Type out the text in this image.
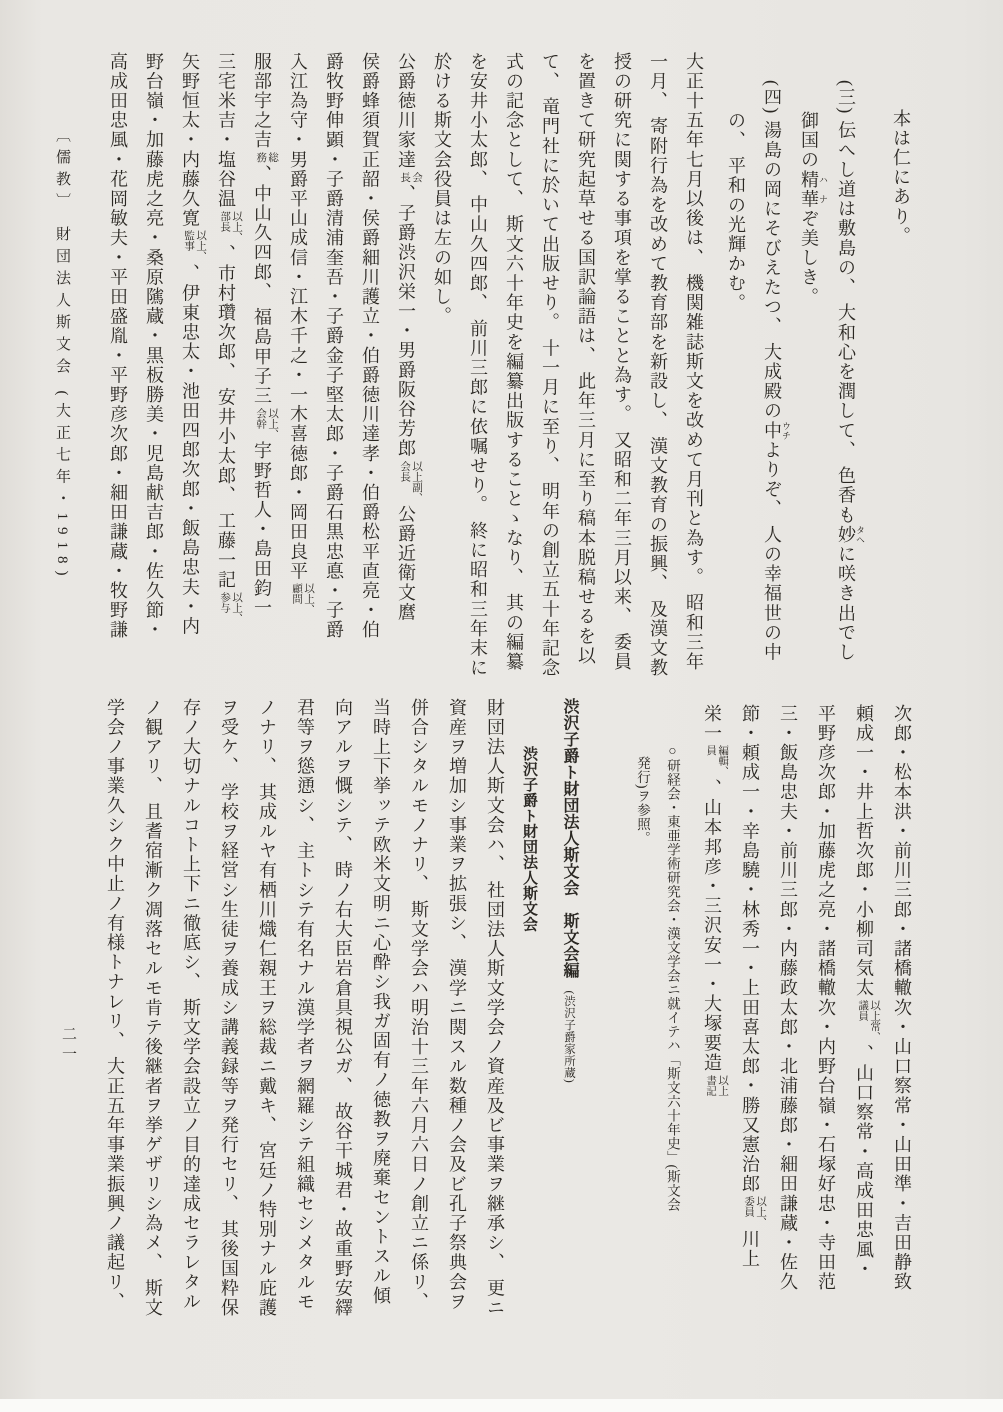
本は仁にあり。
(三) 伝へし道は敷島の、 大和心を潤して、 色香も妙 タヘに咲き出でし
御国の精華 ハナぞ美しき。
(四) 湯島の岡にそびえたつ、 大成殿の中 ウチよりぞ、 人の幸福世の中
の、 平和の光輝かむ。
大正十五年七月以後は、 機関雑誌斯文を改めて月刊と為す。 昭和三年
一月、 寄附行為を改めて教育部を新設し、 漢文教育の振興、 及漢文教
授の研究に関する事項を掌ることと為す。 又昭和二年三月以来、 委員
を置きて研究起草せる国訳論語は、 此年三月に至り稿本脱稿せるを以
て、 竜門社に於いて出版せり。 十一月に至り、 明年の創立五十年記念
式の記念として、 斯文六十年史を編纂出版することゝなり、 其の編纂
を安井小太郎、 中山久四郎、 前川三郎に依嘱せり。 終に昭和三年末に
於ける斯文会役員は左の如し。
公爵徳川家達
会
長
、子爵渋沢栄一・男爵阪谷芳郎
以上副、
会長
公爵近衛文麿
侯爵蜂須賀正韶・侯爵細川護立・伯爵徳川達孝・伯爵松平直亮・伯
爵牧野伸顕・子爵清浦奎吾・子爵金子堅太郎・子爵石黒忠悳・子爵
入江為守・男爵平山成信・江木千之・一木喜徳郎・岡田良平
以上、
顧問
服部宇之吉
総
務
、中山久四郎、 福島甲子三
以上、
会幹
宇野哲人・島田鈞一
三宅米吉・塩谷温
以上、
部長
、市村瓚次郎、 安井小太郎、 工藤一記
以上、
参与
矢野恒太・内藤久寛
以上、
監事
、伊東忠太・池田四郎次郎・飯島忠夫・内
野台嶺・加藤虎之亮・桑原隲蔵・黒板勝美・児島献吉郎・佐久節・
高成田忠風・花岡敏夫・平田盛胤・平野彦次郎・細田謙蔵・牧野謙
〔儒教〕 財団法人斯文会 (大正七年・1918)
次郎・松本洪・前川三郎・諸橋轍次・山口察常・山田準・吉田静致
頼成一・井上哲次郎・小柳司気太
以上常、
議員
、山口察常・高成田忠風・
平野彦次郎・加藤虎之亮・諸橋轍次・内野台嶺・石塚好忠・寺田范
三・飯島忠夫・前川三郎・内藤政太郎・北浦藤郎・細田謙蔵・佐久
節・頼成一・辛島驍・林秀一・上田喜太郎・勝又憲治郎
以上、
委員
川上
栄一
編輯、
員
、山本邦彦・三沢安一・大塚要造
以上
書記
○研経会・東亜学術研究会・漢文学会ニ就イテハ「斯文六十年史」(斯文会
発行)ヲ参照。
渋沢子爵ト財団法人斯文会　斯文会編　(渋沢子爵家所蔵)
渋沢子爵ト財団法人斯文会
財団法人斯文会ハ、 社団法人斯文学会ノ資産及ビ事業ヲ継承シ、 更ニ
資産ヲ増加シ事業ヲ拡張シ、 漢学ニ関スル数種ノ会及ビ孔子祭典会ヲ
併合シタルモノナリ、 斯文学会ハ明治十三年六月六日ノ創立ニ係リ、
当時上下挙ッテ欧米文明ニ心酔シ我ガ固有ノ徳教ヲ廃棄セントスル傾
向アルヲ慨シテ、 時ノ右大臣岩倉具視公ガ、 故谷干城君・故重野安繹
君等ヲ慫慂シ、 主トシテ有名ナル漢学者ヲ網羅シテ組織セシメタルモ
ノナリ、 其成ルヤ有栖川熾仁親王ヲ総裁ニ戴キ、 宮廷ノ特別ナル庇護
ヲ受ケ、 学校ヲ経営シ生徒ヲ養成シ講義録等ヲ発行セリ、 其後国粋保
存ノ大切ナルコト上下ニ徹底シ、 斯文学会設立ノ目的達成セラレタル
ノ観アリ、 且耆宿漸ク凋落セルモ肯テ後継者ヲ挙ゲザリシ為メ、 斯文
学会ノ事業久シク中止ノ有様トナレリ、 大正五年事業振興ノ議起リ、
二一
